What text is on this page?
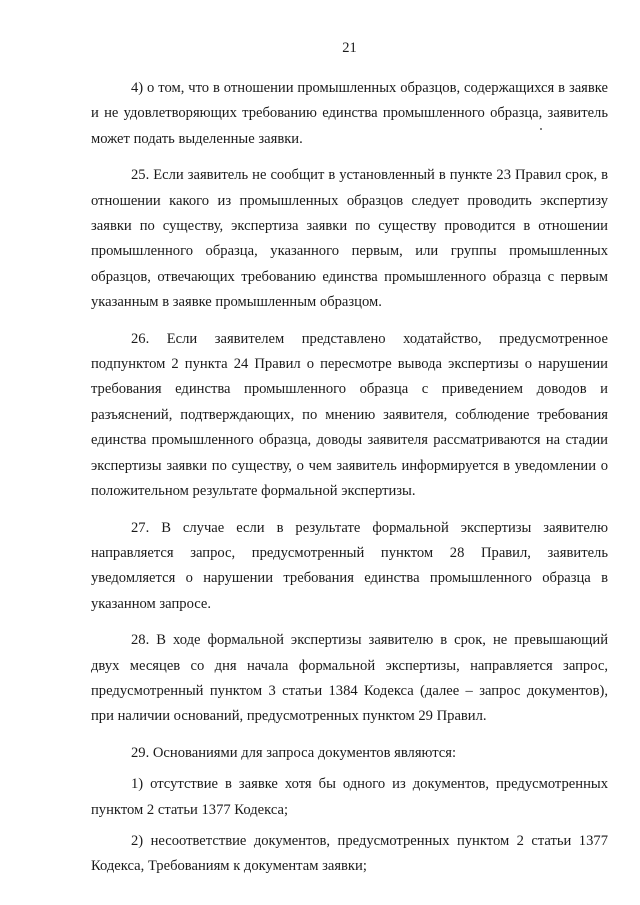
21

4) о том, что в отношении промышленных образцов, содержащихся в заявке и не удовлетворяющих требованию единства промышленного образца, заявитель может подать выделенные заявки.

25. Если заявитель не сообщит в установленный в пункте 23 Правил срок, в отношении какого из промышленных образцов следует проводить экспертизу заявки по существу, экспертиза заявки по существу проводится в отношении промышленного образца, указанного первым, или группы промышленных образцов, отвечающих требованию единства промышленного образца с первым указанным в заявке промышленным образцом.

26. Если заявителем представлено ходатайство, предусмотренное подпунктом 2 пункта 24 Правил о пересмотре вывода экспертизы о нарушении требования единства промышленного образца с приведением доводов и разъяснений, подтверждающих, по мнению заявителя, соблюдение требования единства промышленного образца, доводы заявителя рассматриваются на стадии экспертизы заявки по существу, о чем заявитель информируется в уведомлении о положительном результате формальной экспертизы.

27. В случае если в результате формальной экспертизы заявителю направляется запрос, предусмотренный пунктом 28 Правил, заявитель уведомляется о нарушении требования единства промышленного образца в указанном запросе.

28. В ходе формальной экспертизы заявителю в срок, не превышающий двух месяцев со дня начала формальной экспертизы, направляется запрос, предусмотренный пунктом 3 статьи 1384 Кодекса (далее – запрос документов), при наличии оснований, предусмотренных пунктом 29 Правил.

29. Основаниями для запроса документов являются:

1) отсутствие в заявке хотя бы одного из документов, предусмотренных пунктом 2 статьи 1377 Кодекса;

2) несоответствие документов, предусмотренных пунктом 2 статьи 1377 Кодекса, Требованиям к документам заявки;
